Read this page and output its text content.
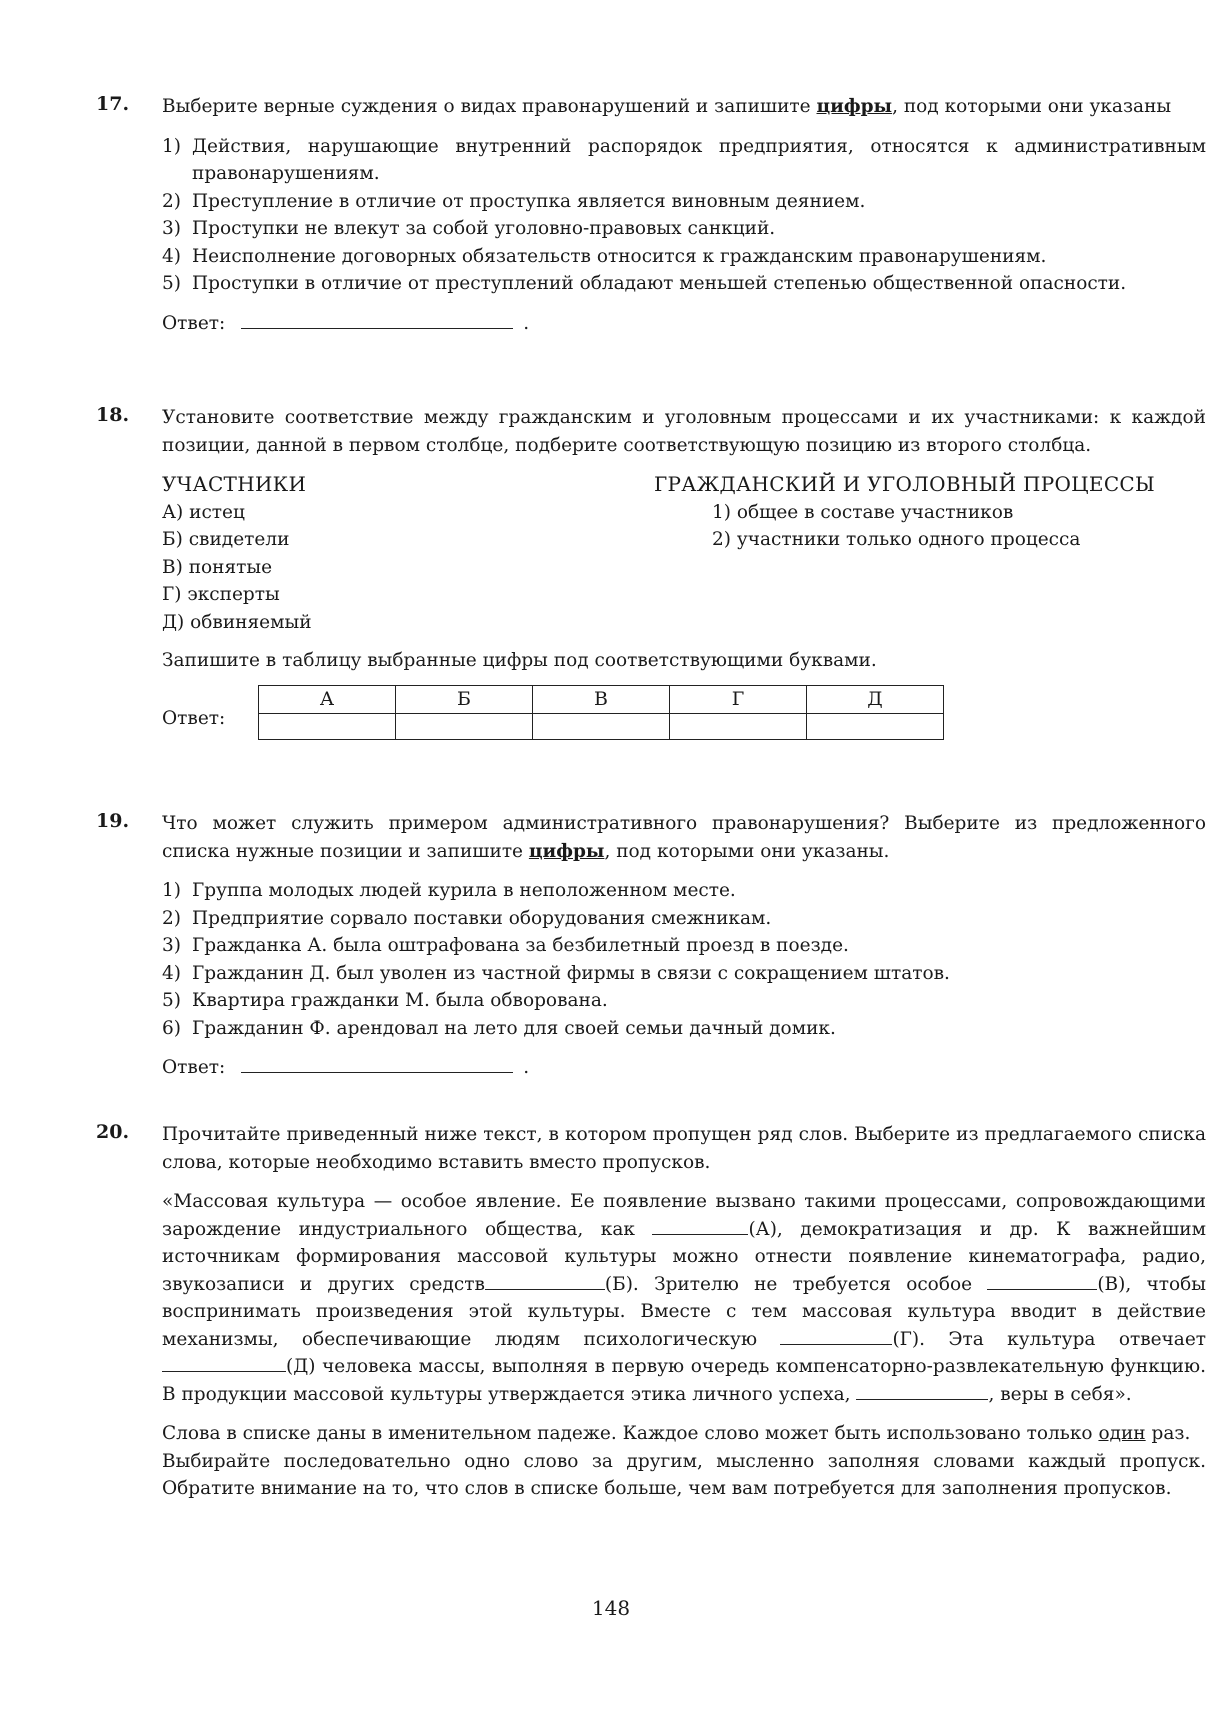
17.	Выберите верные суждения о видах правонарушений и запишите цифры, под которыми они указаны

1) Действия, нарушающие внутренний распорядок предприятия, относятся к административным правонарушениям.
2) Преступление в отличие от проступка является виновным деянием.
3) Проступки не влекут за собой уголовно-правовых санкций.
4) Неисполнение договорных обязательств относится к гражданским правонарушениям.
5) Проступки в отличие от преступлений обладают меньшей степенью общественной опасности.
Ответ:	.
18.	Установите соответствие между гражданским и уголовным процессами и их участниками: к каждой позиции, данной в первом столбце, подберите соответствующую позицию из второго столбца.

УЧАСТНИКИ
А) истец
Б) свидетели
В) понятые
Г) эксперты
Д) обвиняемый
ГРАЖДАНСКИЙ И УГОЛОВНЫЙ ПРОЦЕССЫ
1) общее в составе участников
2) участники только одного процесса

Запишите в таблицу выбранные цифры под соответствующими буквами.

Ответ:
А	Б	В	Г	Д

19.	Что может служить примером административного правонарушения? Выберите из предложенного списка нужные позиции и запишите цифры, под которыми они указаны.

1) Группа молодых людей курила в неположенном месте.
2) Предприятие сорвало поставки оборудования смежникам.
3) Гражданка А. была оштрафована за безбилетный проезд в поезде.
4) Гражданин Д. был уволен из частной фирмы в связи с сокращением штатов.
5) Квартира гражданки М. была обворована.
6) Гражданин Ф. арендовал на лето для своей семьи дачный домик.
Ответ:	.
20.	Прочитайте приведенный ниже текст, в котором пропущен ряд слов. Выберите из предлагаемого списка слова, которые необходимо вставить вместо пропусков.

«Массовая культура — особое явление. Ее появление вызвано такими процессами, сопровождающими зарождение индустриального общества, как	(А), демократизация и др. К важнейшим источникам формирования массовой культуры можно отнести появление кинематографа, радио, звукозаписи и других средств	(Б). Зрителю не требуется особое	(В), чтобы воспринимать произведения этой культуры. Вместе с тем массовая культура вводит в действие механизмы, обеспечивающие людям психологическую	(Г). Эта культура отвечает (Д) человека массы, выполняя в первую очередь компенсаторно-развлекательную функцию. В продукции массовой культуры утверждается этика личного успеха,	, веры в себя».

Слова в списке даны в именительном падеже. Каждое слово может быть использовано только один раз.

Выбирайте последовательно одно слово за другим, мысленно заполняя словами каждый пропуск. Обратите внимание на то, что слов в списке больше, чем вам потребуется для заполнения пропусков.

148
